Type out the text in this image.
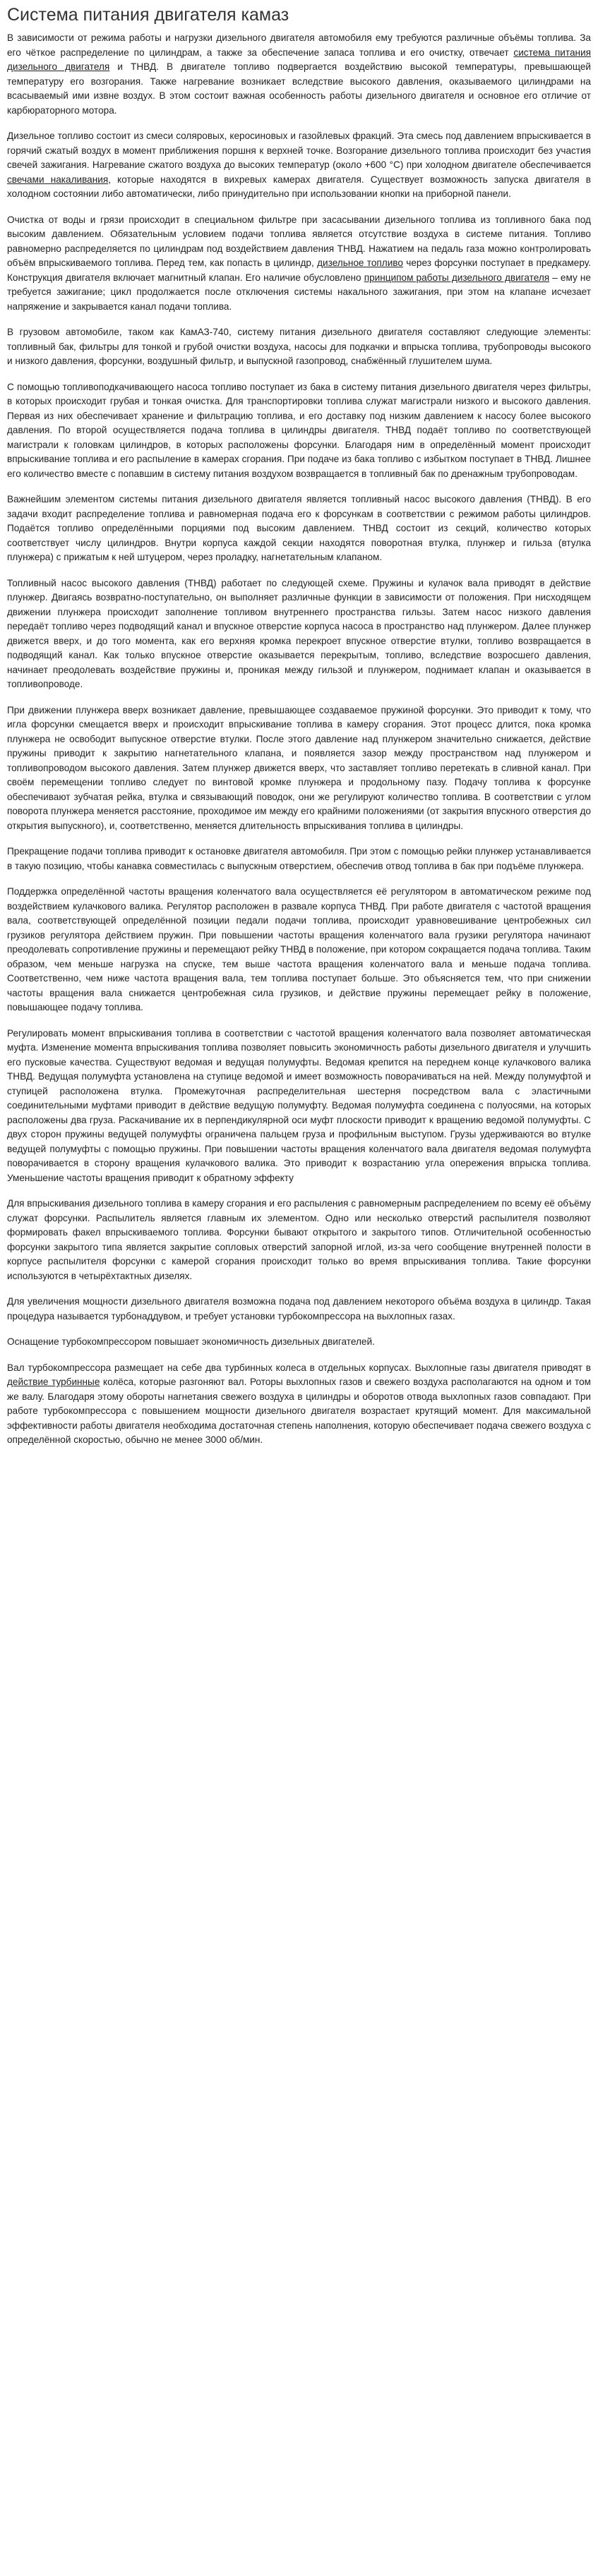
Система питания двигателя камаз

В зависимости от режима работы и нагрузки дизельного двигателя автомобиля ему требуются различные объёмы топлива. За его чёткое распределение по цилиндрам, а также за обеспечение запаса топлива и его очистку, отвечает система питания дизельного двигателя и ТНВД. В двигателе топливо подвергается воздействию высокой температуры, превышающей температуру его возгорания. Также нагревание возникает вследствие высокого давления, оказываемого цилиндрами на всасываемый ими извне воздух. В этом состоит важная особенность работы дизельного двигателя и основное его отличие от карбюраторного мотора.

Дизельное топливо состоит из смеси соляровых, керосиновых и газойлевых фракций. Эта смесь под давлением впрыскивается в горячий сжатый воздух в момент приближения поршня к верхней точке. Возгорание дизельного топлива происходит без участия свечей зажигания. Нагревание сжатого воздуха до высоких температур (около +600 °С) при холодном двигателе обеспечивается свечами накаливания, которые находятся в вихревых камерах двигателя. Существует возможность запуска двигателя в холодном состоянии либо автоматически, либо принудительно при использовании кнопки на приборной панели.

Очистка от воды и грязи происходит в специальном фильтре при засасывании дизельного топлива из топливного бака под высоким давлением. Обязательным условием подачи топлива является отсутствие воздуха в системе питания. Топливо равномерно распределяется по цилиндрам под воздействием давления ТНВД. Нажатием на педаль газа можно контролировать объём впрыскиваемого топлива. Перед тем, как попасть в цилиндр, дизельное топливо через форсунки поступает в предкамеру. Конструкция двигателя включает магнитный клапан. Его наличие обусловлено принципом работы дизельного двигателя – ему не требуется зажигание; цикл продолжается после отключения системы накального зажигания, при этом на клапане исчезает напряжение и закрывается канал подачи топлива.

В грузовом автомобиле, таком как КамАЗ-740, систему питания дизельного двигателя составляют следующие элементы: топливный бак, фильтры для тонкой и грубой очистки воздуха, насосы для подкачки и впрыска топлива, трубопроводы высокого и низкого давления, форсунки, воздушный фильтр, и выпускной газопровод, снабжённый глушителем шума.

С помощью топливоподкачивающего насоса топливо поступает из бака в систему питания дизельного двигателя через фильтры, в которых происходит грубая и тонкая очистка. Для транспортировки топлива служат магистрали низкого и высокого давления. Первая из них обеспечивает хранение и фильтрацию топлива, и его доставку под низким давлением к насосу более высокого давления. По второй осуществляется подача топлива в цилиндры двигателя. ТНВД подаёт топливо по соответствующей магистрали к головкам цилиндров, в которых расположены форсунки. Благодаря ним в определённый момент происходит впрыскивание топлива и его распыление в камерах сгорания. При подаче из бака топливо с избытком поступает в ТНВД. Лишнее его количество вместе с попавшим в систему питания воздухом возвращается в топливный бак по дренажным трубопроводам.

Важнейшим элементом системы питания дизельного двигателя является топливный насос высокого давления (ТНВД). В его задачи входит распределение топлива и равномерная подача его к форсункам в соответствии с режимом работы цилиндров. Подаётся топливо определёнными порциями под высоким давлением. ТНВД состоит из секций, количество которых соответствует числу цилиндров. Внутри корпуса каждой секции находятся поворотная втулка, плунжер и гильза (втулка плунжера) с прижатым к ней штуцером, через проладку, нагнетательным клапаном.

Топливный насос высокого давления (ТНВД) работает по следующей схеме. Пружины и кулачок вала приводят в действие плунжер. Двигаясь возвратно-поступательно, он выполняет различные функции в зависимости от положения. При нисходящем движении плунжера происходит заполнение топливом внутреннего пространства гильзы. Затем насос низкого давления передаёт топливо через подводящий канал и впускное отверстие корпуса насоса в пространство над плунжером. Далее плунжер движется вверх, и до того момента, как его верхняя кромка перекроет впускное отверстие втулки, топливо возвращается в подводящий канал. Как только впускное отверстие оказывается перекрытым, топливо, вследствие возросшего давления, начинает преодолевать воздействие пружины и, проникая между гильзой и плунжером, поднимает клапан и оказывается в топливопроводе.

При движении плунжера вверх возникает давление, превышающее создаваемое пружиной форсунки. Это приводит к тому, что игла форсунки смещается вверх и происходит впрыскивание топлива в камеру сгорания. Этот процесс длится, пока кромка плунжера не освободит выпускное отверстие втулки. После этого давление над плунжером значительно снижается, действие пружины приводит к закрытию нагнетательного клапана, и появляется зазор между пространством над плунжером и топливопроводом высокого давления. Затем плунжер движется вверх, что заставляет топливо перетекать в сливной канал. При своём перемещении топливо следует по винтовой кромке плунжера и продольному пазу. Подачу топлива к форсунке обеспечивают зубчатая рейка, втулка и связывающий поводок, они же регулируют количество топлива. В соответствии с углом поворота плунжера меняется расстояние, проходимое им между его крайними положениями (от закрытия впускного отверстия до открытия выпускного), и, соответственно, меняется длительность впрыскивания топлива в цилиндры.

Прекращение подачи топлива приводит к остановке двигателя автомобиля. При этом с помощью рейки плунжер устанавливается в такую позицию, чтобы канавка совместилась с выпускным отверстием, обеспечив отвод топлива в бак при подъёме плунжера.

Поддержка определённой частоты вращения коленчатого вала осуществляется её регулятором в автоматическом режиме под воздействием кулачкового валика. Регулятор расположен в развале корпуса ТНВД. При работе двигателя с частотой вращения вала, соответствующей определённой позиции педали подачи топлива, происходит уравновешивание центробежных сил грузиков регулятора действием пружин. При повышении частоты вращения коленчатого вала грузики регулятора начинают преодолевать сопротивление пружины и перемещают рейку ТНВД в положение, при котором сокращается подача топлива. Таким образом, чем меньше нагрузка на спуске, тем выше частота вращения коленчатого вала и меньше подача топлива. Соответственно, чем ниже частота вращения вала, тем топлива поступает больше. Это объясняется тем, что при снижении частоты вращения вала снижается центробежная сила грузиков, и действие пружины перемещает рейку в положение, повышающее подачу топлива.

Регулировать момент впрыскивания топлива в соответствии с частотой вращения коленчатого вала позволяет автоматическая муфта. Изменение момента впрыскивания топлива позволяет повысить экономичность работы дизельного двигателя и улучшить его пусковые качества. Существуют ведомая и ведущая полумуфты. Ведомая крепится на переднем конце кулачкового валика ТНВД. Ведущая полумуфта установлена на ступице ведомой и имеет возможность поворачиваться на ней. Между полумуфтой и ступицей расположена втулка. Промежуточная распределительная шестерня посредством вала с эластичными соединительными муфтами приводит в действие ведущую полумуфту. Ведомая полумуфта соединена с полуосями, на которых расположены два груза. Раскачивание их в перпендикулярной оси муфт плоскости приводит к вращению ведомой полумуфты. С двух сторон пружины ведущей полумуфты ограничена пальцем груза и профильным выступом. Грузы удерживаются во втулке ведущей полумуфты с помощью пружины. При повышении частоты вращения коленчатого вала двигателя ведомая полумуфта поворачивается в сторону вращения кулачкового валика. Это приводит к возрастанию угла опережения впрыска топлива. Уменьшение частоты вращения приводит к обратному эффекту

Для впрыскивания дизельного топлива в камеру сгорания и его распыления с равномерным распределением по всему её объёму служат форсунки. Распылитель является главным их элементом. Одно или несколько отверстий распылителя позволяют формировать факел впрыскиваемого топлива. Форсунки бывают открытого и закрытого типов. Отличительной особенностью форсунки закрытого типа является закрытие сопловых отверстий запорной иглой, из-за чего сообщение внутренней полости в корпусе распылителя форсунки с камерой сгорания происходит только во время впрыскивания топлива. Такие форсунки используются в четырёхтактных дизелях.

Для увеличения мощности дизельного двигателя возможна подача под давлением некоторого объёма воздуха в цилиндр. Такая процедура называется турбонаддувом, и требует установки турбокомпрессора на выхлопных газах.

Оснащение турбокомпрессором повышает экономичность дизельных двигателей.

Вал турбокомпрессора размещает на себе два турбинных колеса в отдельных корпусах. Выхлопные газы двигателя приводят в действие турбинные колёса, которые разгоняют вал. Роторы выхлопных газов и свежего воздуха располагаются на одном и том же валу. Благодаря этому обороты нагнетания свежего воздуха в цилиндры и оборотов отвода выхлопных газов совпадают. При работе турбокомпрессора с повышением мощности дизельного двигателя возрастает крутящий момент. Для максимальной эффективности работы двигателя необходима достаточная степень наполнения, которую обеспечивает подача свежего воздуха с определённой скоростью, обычно не менее 3000 об/мин.
